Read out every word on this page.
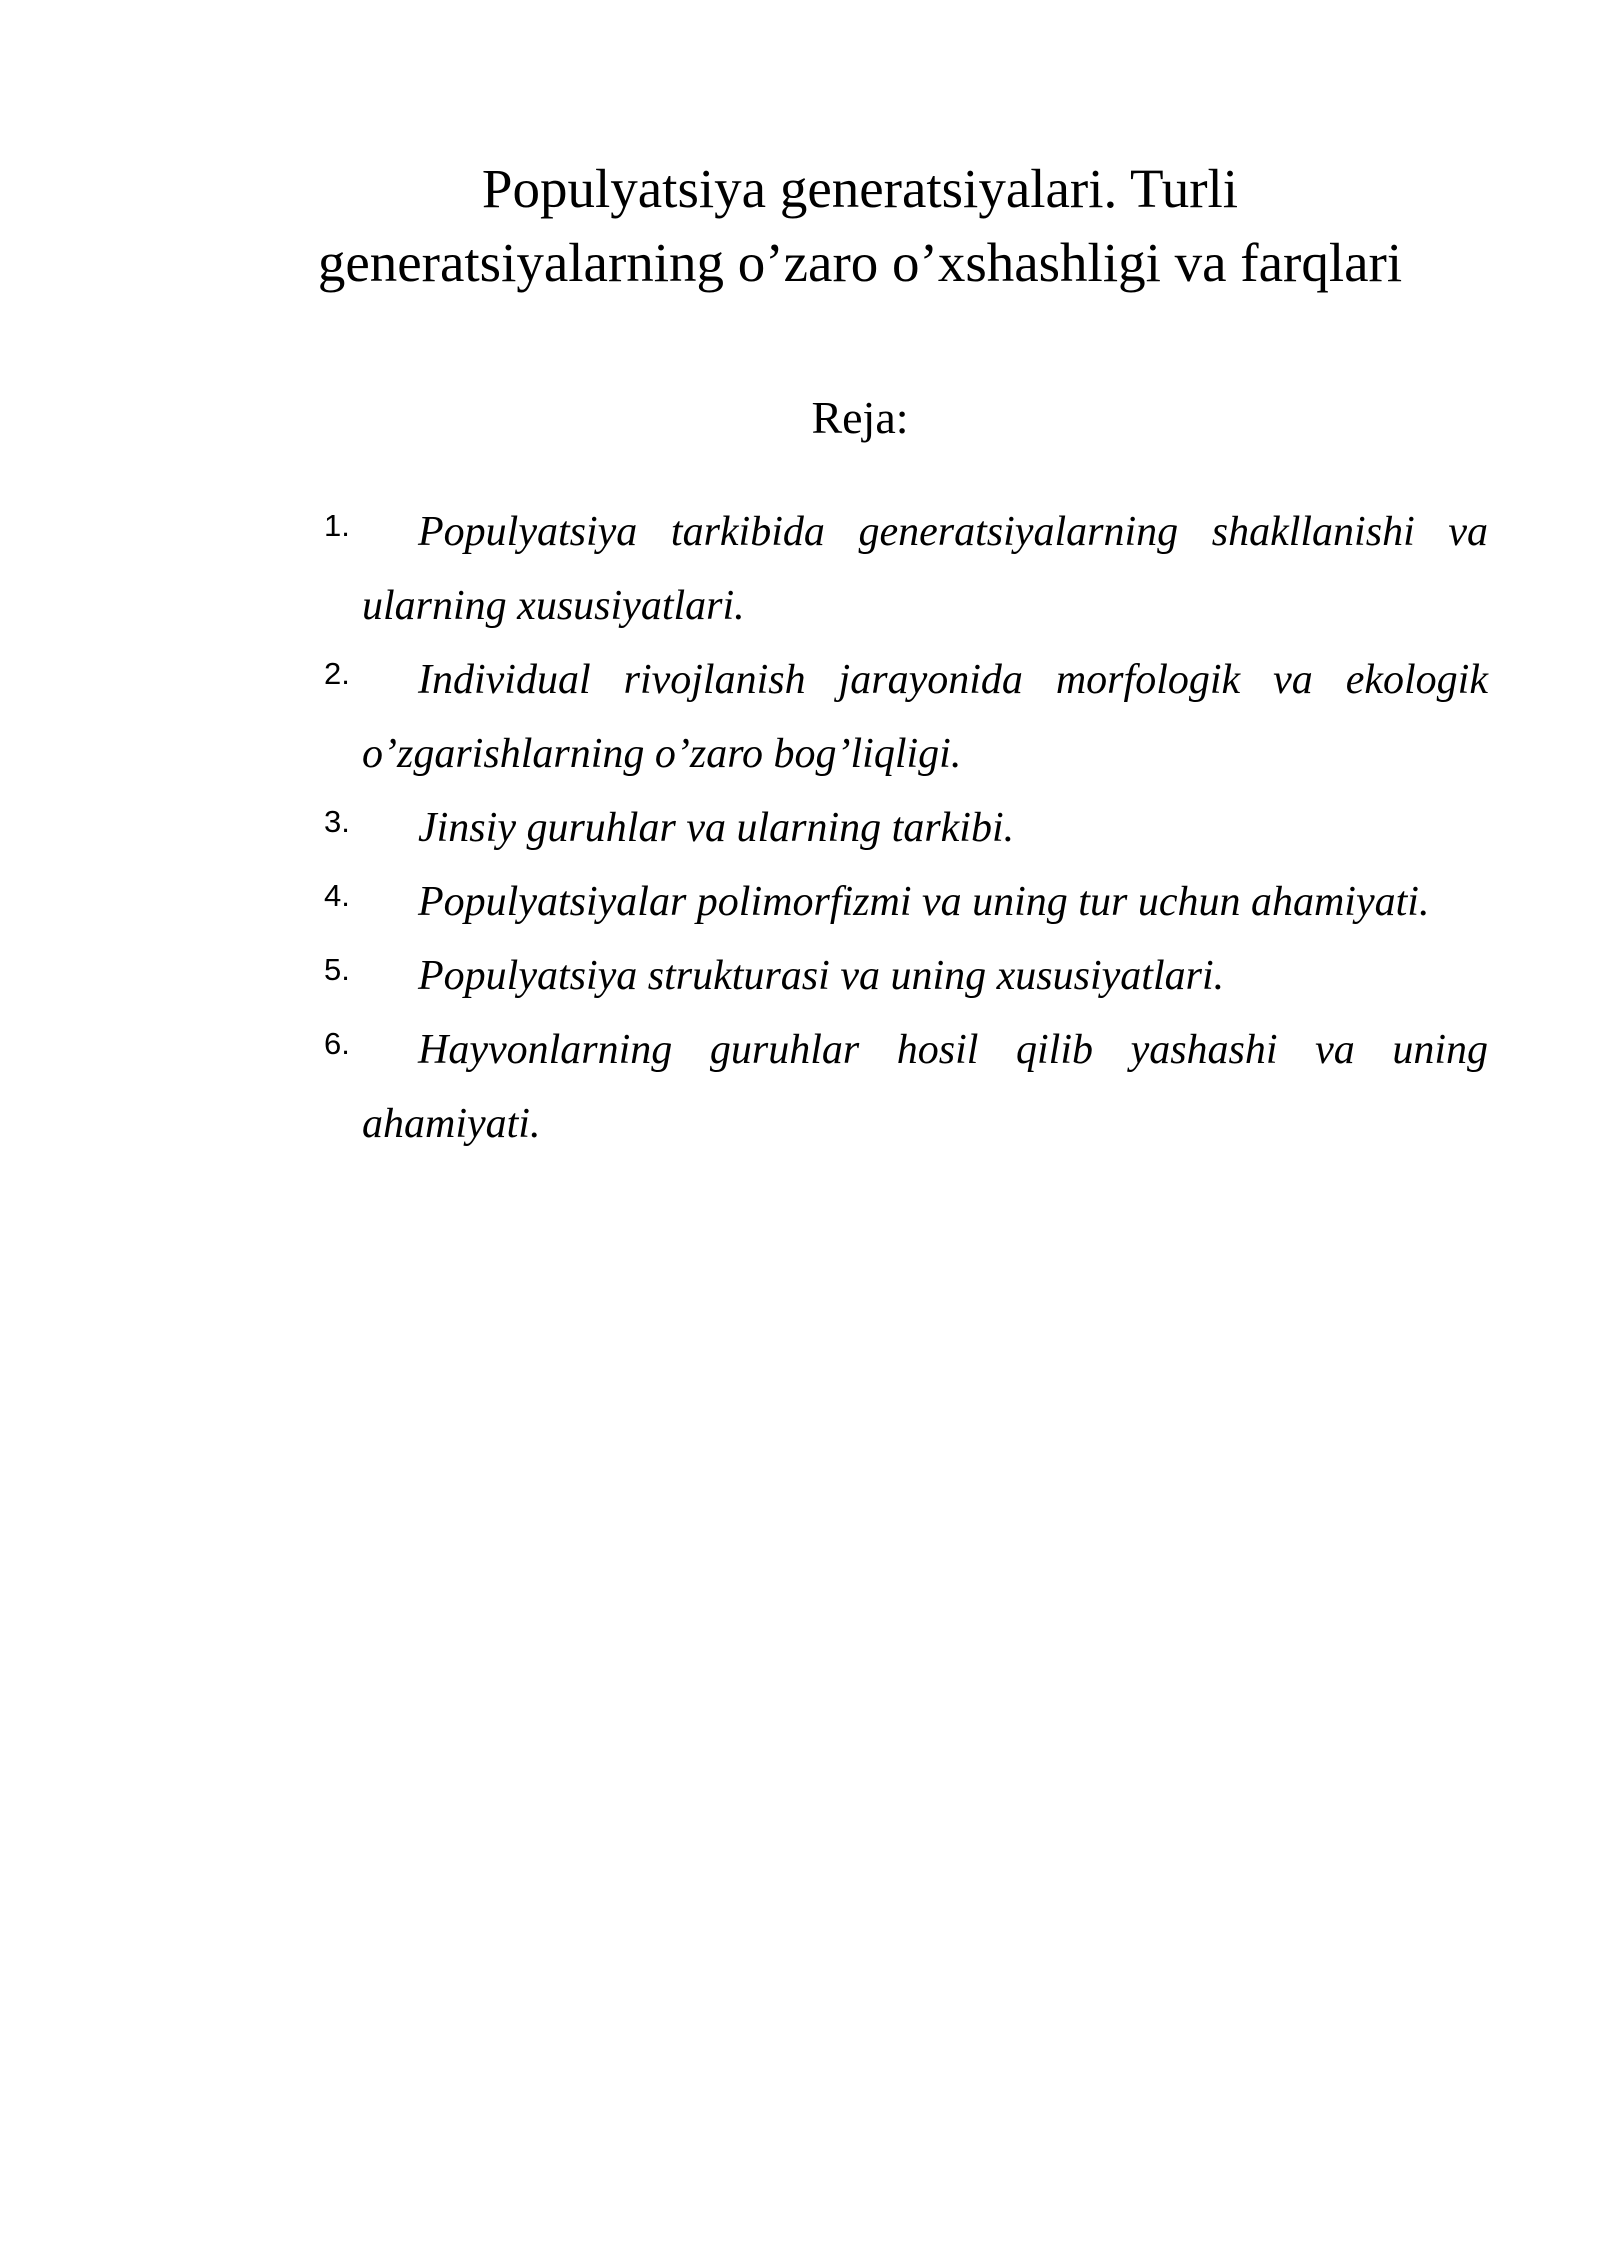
Populyatsiya generatsiyalari. Turli
generatsiyalarning o’zaro o’xshashligi va farqlari

Reja:

1.	Populyatsiya tarkibida generatsiyalarning shakllanishi va
ularning xususiyatlari.
2.	Individual rivojlanish jarayonida morfologik va ekologik
o’zgarishlarning o’zaro bog’liqligi.
3.	Jinsiy guruhlar va ularning tarkibi.
4.	Populyatsiyalar polimorfizmi va uning tur uchun ahamiyati.
5.	Populyatsiya strukturasi va uning xususiyatlari.
6.	Hayvonlarning guruhlar hosil qilib yashashi va uning
ahamiyati.
